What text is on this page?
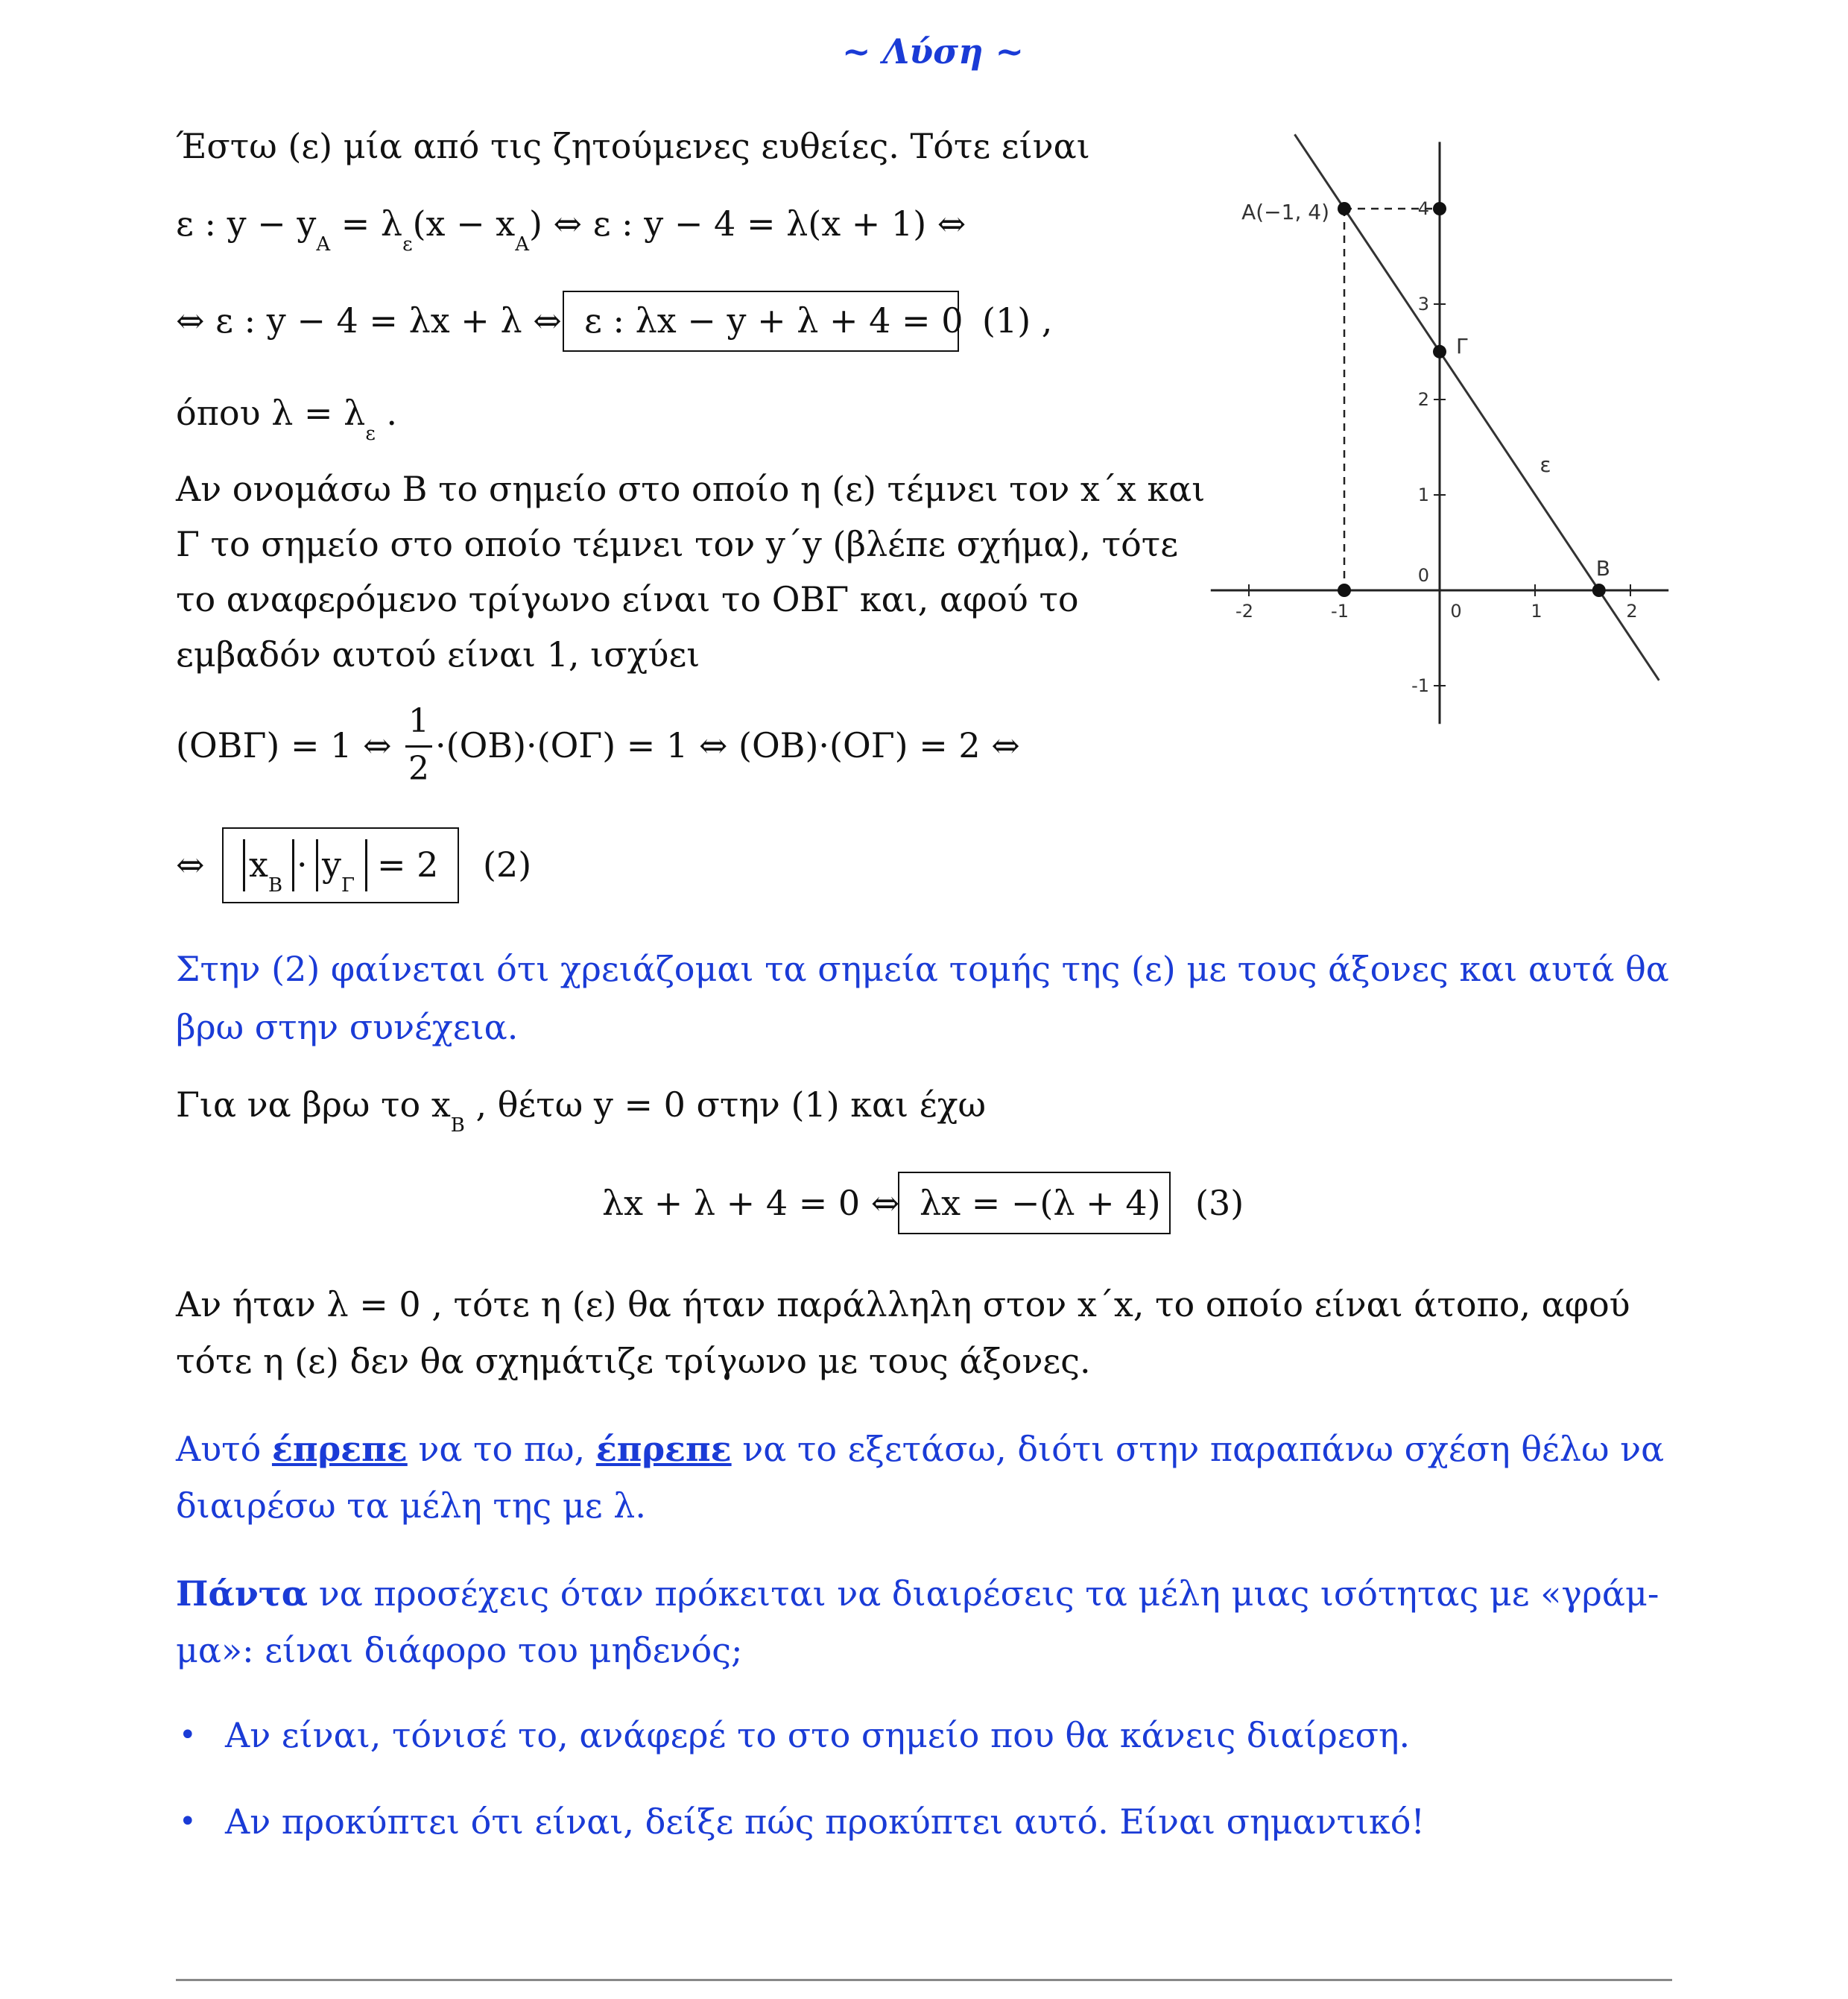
~ Λύση ~
Έστω (ε) μία από τις ζητούμενες ευθείες. Τότε είναι
ε : $y - y_A = \lambda_\varepsilon(x - x_A)$ ⇔ ε : y − 4 = λ(x + 1) ⇔
⇔ ε : y − 4 = λx + λ ⇔ ε : λx − y + λ + 4 = 0 (1) ,
όπου $\lambda = \lambda_\varepsilon$ .
Αν ονομάσω Β το σημείο στο οποίο η (ε) τέμνει τον x΄x και
Γ το σημείο στο οποίο τέμνει τον y΄y (βλέπε σχήμα), τότε
το αναφερόμενο τρίγωνο είναι το ΟΒΓ και, αφού το
εμβαδόν αυτού είναι 1, ισχύει
(ΟΒΓ) = 1 ⇔
1
2
·(ΟΒ)·(ΟΓ) = 1 ⇔ (ΟΒ)·(ΟΓ) = 2 ⇔
⇔ $x_B$
· $y_\Gamma$
= 2 (2)
Στην (2) φαίνεται ότι χρειάζομαι τα σημεία τομής της (ε) με τους άξονες και αυτά θα
βρω στην συνέχεια.
Για να βρω το $x_B$ , θέτω y = 0 στην (1) και έχω
λx + λ + 4 = 0 ⇔ λx = −(λ + 4) (3)
Αν ήταν λ = 0 , τότε η (ε) θα ήταν παράλληλη στον x΄x, το οποίο είναι άτοπο, αφού
τότε η (ε) δεν θα σχημάτιζε τρίγωνο με τους άξονες.
Αυτό έπρεπε να το πω, έπρεπε να το εξετάσω, διότι στην παραπάνω σχέση θέλω να
διαιρέσω τα μέλη της με λ.
Πάντα να προσέχεις όταν πρόκειται να διαιρέσεις τα μέλη μιας ισότητας με «γράμ-
μα»: είναι διάφορο του μηδενός;
• Αν είναι, τόνισέ το, ανάφερέ το στο σημείο που θα κάνεις διαίρεση.
• Αν προκύπτει ότι είναι, δείξε πώς προκύπτει αυτό. Είναι σημαντικό!
-2	-1	1	2
0
-1
1
2
3
4
0
A(−1, 4)
Γ
B
ε
